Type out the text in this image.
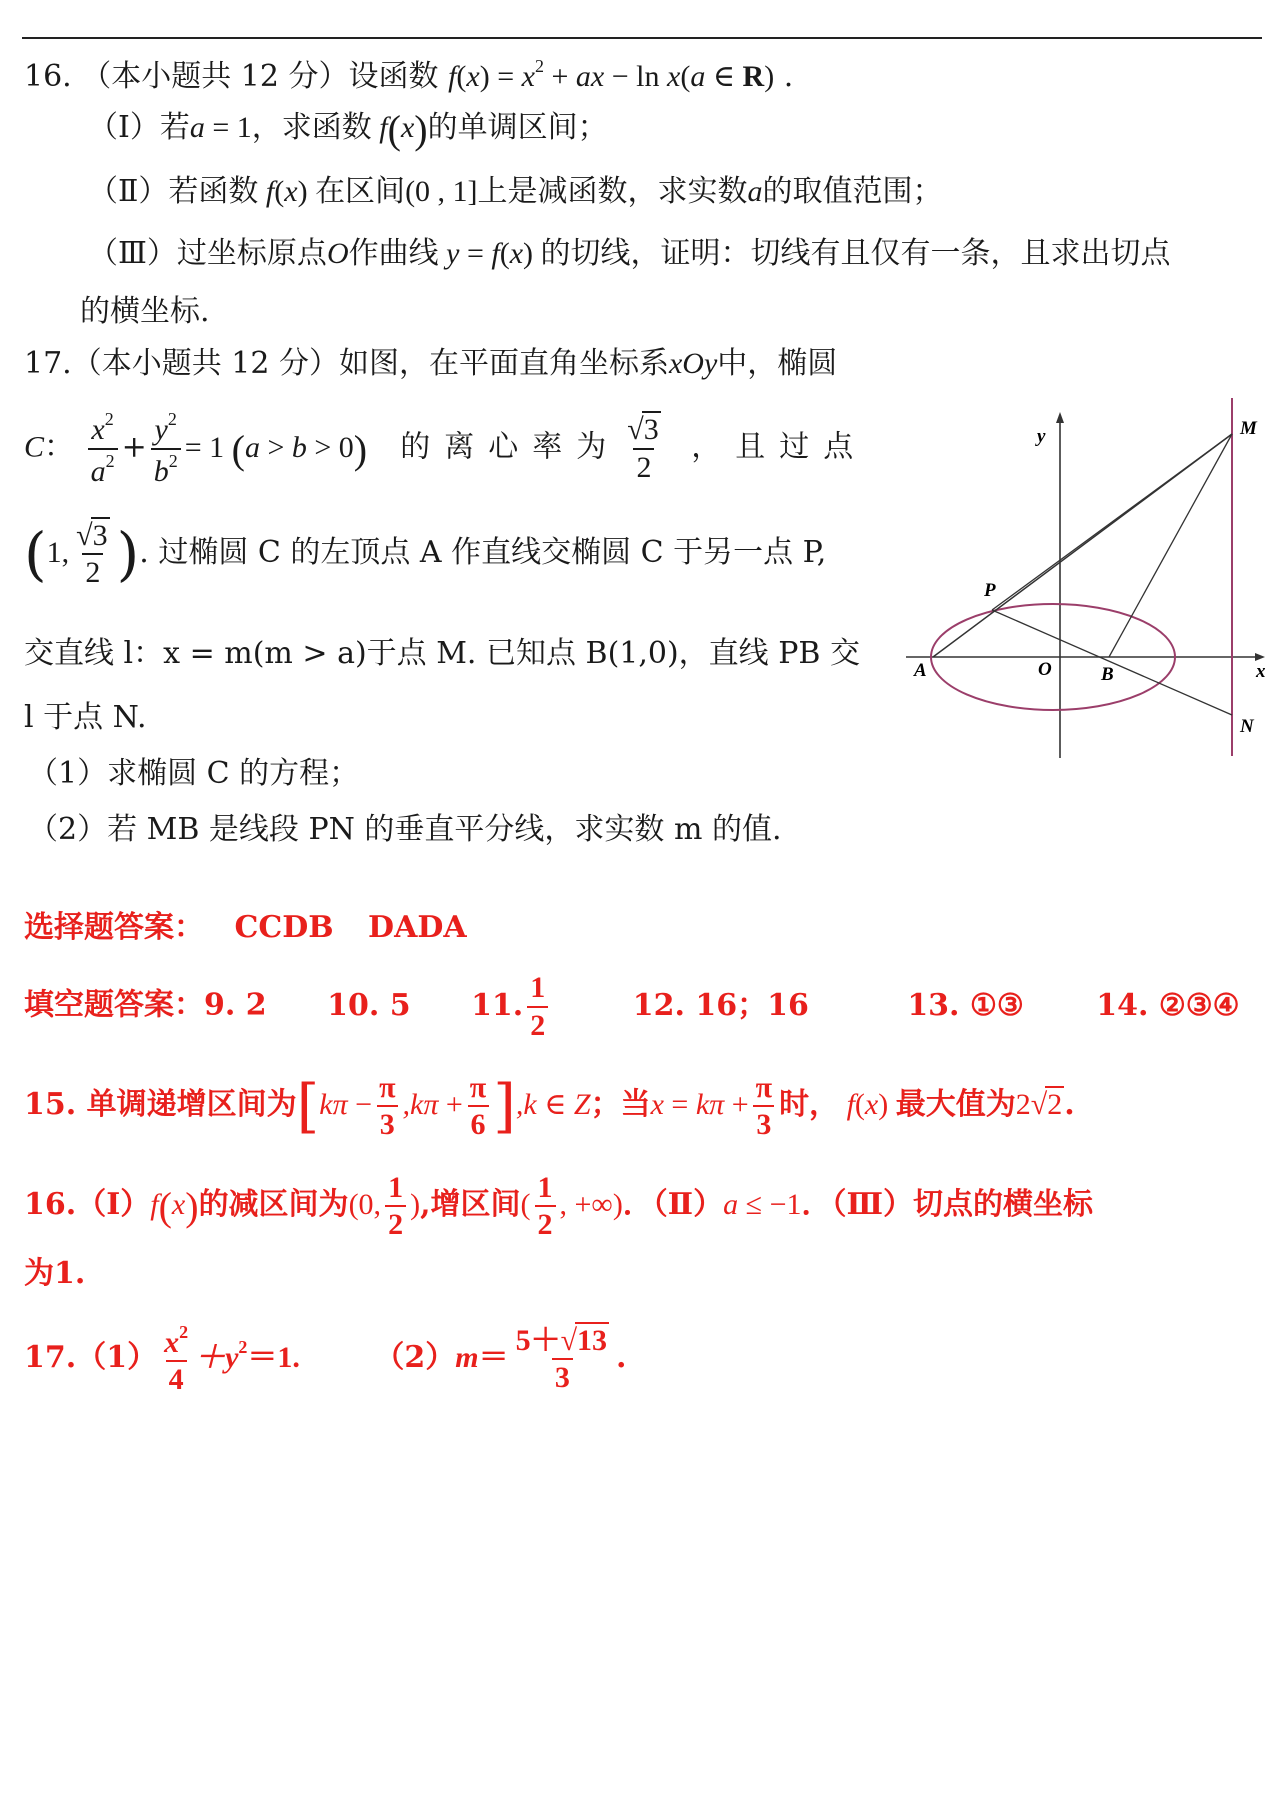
16. （本小题共 12 分）设函数 $f(x) = x^2$ + ax − ln x(a ∈ R) .
（Ⅰ）若a = 1，求函数 f(x)的单调区间；
（Ⅱ）若函数 f(x) 在区间(0 , 1]上是减函数，求实数a的取值范围；
（Ⅲ）过坐标原点O作曲线 y = f(x) 的切线，证明：切线有且仅有一条，且求出切点
的横坐标.
17.（本小题共 12 分）如图，在平面直角坐标系xOy中，椭圆
C： $\frac{x^2}{a^2} + \frac{y^2}{b^2} = 1$ (a > b > 0)  的离心率为 $\frac{√3}{2}$ ，且过点
(1, $\frac{√3}{2}$ ). 过椭圆 C 的左顶点 A 作直线交椭圆 C 于另一点 P,
交直线 l：x = m(m > a)于点 M. 已知点 B(1,0)，直线 PB 交
l 于点 N.
（1）求椭圆 C 的方程；
（2）若 MB 是线段 PN 的垂直平分线，求实数 m 的值.
M
N
P
A	O	B	x
y
选择题答案： CCDB DADA
填空题答案：9. 2 10. 5 11. $\frac{1}{2}$	12. 16；16	13. ①③ 14. ②③④
15. 单调递增区间为$[k\pi - \frac{\pi}{3} ,k\pi + \frac{\pi}{6} ],k$ ∈ Z；当$x = k\pi + \frac{\pi}{3}$ 时， f(x) 最大值为2√2.
16.（Ⅰ）f(x)的减区间为(0, $\frac{1}{2}$ ),增区间( $\frac{1}{2}$ , +∞)．（Ⅱ）a ≤ −1．（Ⅲ）切点的横坐标
为1.
$17.(1) \frac{x^2}{4} +y^2=1$. $(2)m= \frac{5+√13}{3}$ .
